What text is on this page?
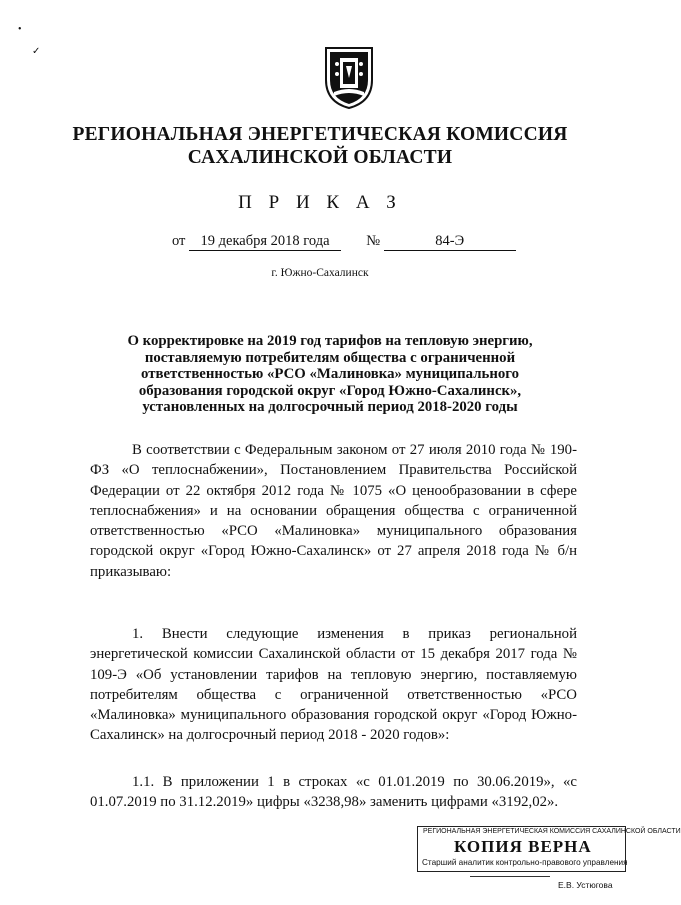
•
✓
РЕГИОНАЛЬНАЯ ЭНЕРГЕТИЧЕСКАЯ КОМИССИЯ
САХАЛИНСКОЙ ОБЛАСТИ
П Р И К А З
от 19 декабря 2018 года	№	84-Э
г. Южно-Сахалинск
О корректировке на 2019 год тарифов на тепловую энергию, поставляемую потребителям общества с ограниченной ответственностью «РСО «Малиновка» муниципального образования городской округ «Город Южно-Сахалинск», установленных на долгосрочный период 2018-2020 годы
В соответствии с Федеральным законом от 27 июля 2010 года № 190-ФЗ «О теплоснабжении», Постановлением Правительства Российской Федерации от 22 октября 2012 года № 1075 «О ценообразовании в сфере теплоснабжения» и на основании обращения общества с ограниченной ответственностью «РСО «Малиновка» муниципального образования городской округ «Город Южно-Сахалинск» от 27 апреля 2018 года № б/н приказываю:
1. Внести следующие изменения в приказ региональной энергетической комиссии Сахалинской области от 15 декабря 2017 года № 109-Э «Об установлении тарифов на тепловую энергию, поставляемую потребителям общества с ограниченной ответственностью «РСО «Малиновка» муниципального образования городской округ «Город Южно-Сахалинск» на долгосрочный период 2018 - 2020 годов»:
1.1. В приложении 1 в строках «с 01.01.2019 по 30.06.2019», «с 01.07.2019 по 31.12.2019» цифры «3238,98» заменить цифрами «3192,02».
РЕГИОНАЛЬНАЯ ЭНЕРГЕТИЧЕСКАЯ КОМИССИЯ САХАЛИНСКОЙ ОБЛАСТИ
КОПИЯ ВЕРНА
Старший аналитик контрольно-правового управления
Е.В. Устюгова
